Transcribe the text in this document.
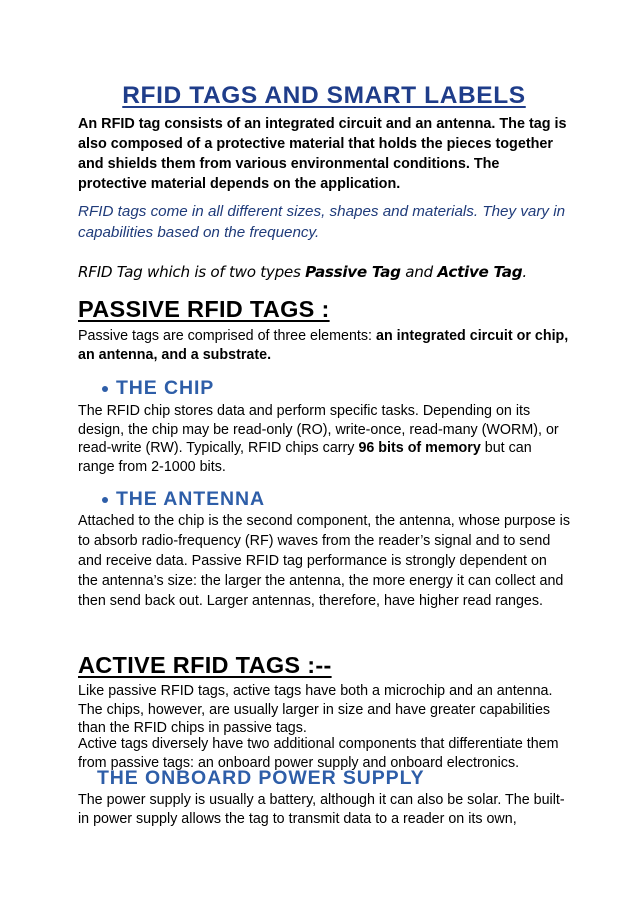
RFID TAGS AND SMART LABELS
An RFID tag consists of an integrated circuit and an antenna. The tag is also composed of a protective material that holds the pieces together and shields them from various environmental conditions. The protective material depends on the application.
RFID tags come in all different sizes, shapes and materials. They vary in capabilities based on the frequency.
RFID Tag which is of two types Passive Tag and Active Tag.
PASSIVE RFID TAGS :
Passive tags are comprised of three elements: an integrated circuit or chip, an antenna, and a substrate.
THE CHIP
The RFID chip stores data and perform specific tasks. Depending on its design, the chip may be read-only (RO), write-once, read-many (WORM), or read-write (RW). Typically, RFID chips carry 96 bits of memory but can range from 2-1000 bits.
THE ANTENNA
Attached to the chip is the second component, the antenna, whose purpose is to absorb radio-frequency (RF) waves from the reader’s signal and to send and receive data. Passive RFID tag performance is strongly dependent on the antenna’s size: the larger the antenna, the more energy it can collect and then send back out. Larger antennas, therefore, have higher read ranges.
ACTIVE RFID TAGS :--
Like passive RFID tags, active tags have both a microchip and an antenna. The chips, however, are usually larger in size and have greater capabilities than the RFID chips in passive tags.
Active tags diversely have two additional components that differentiate them from passive tags: an onboard power supply and onboard electronics.
THE ONBOARD POWER SUPPLY
The power supply is usually a battery, although it can also be solar. The built-in power supply allows the tag to transmit data to a reader on its own,
